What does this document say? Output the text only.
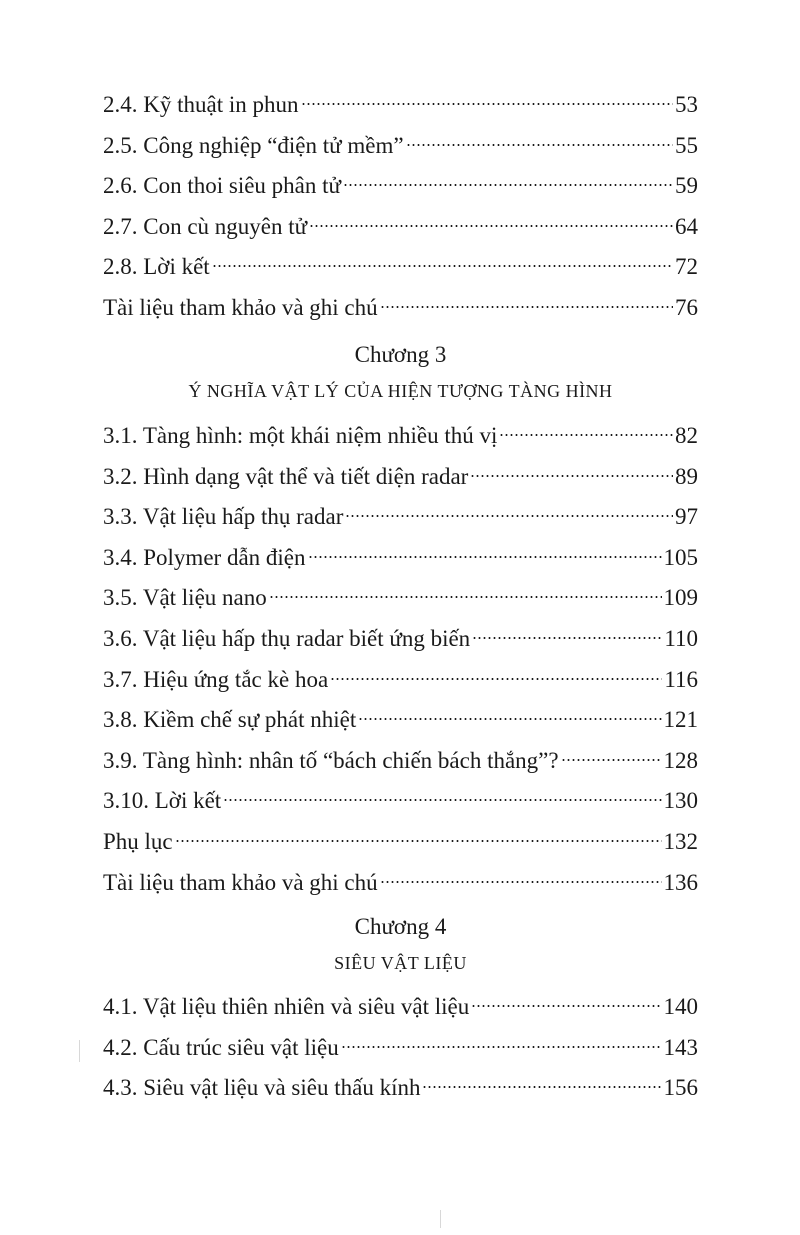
2.4. Kỹ thuật in phun	53
2.5. Công nghiệp “điện tử mềm”	55
2.6. Con thoi siêu phân tử	59
2.7. Con cù nguyên tử	64
2.8. Lời kết	72
Tài liệu tham khảo và ghi chú	76

Chương 3

Ý NGHĨA VẬT LÝ CỦA HIỆN TƯỢNG TÀNG HÌNH

3.1. Tàng hình: một khái niệm nhiều thú vị	82
3.2. Hình dạng vật thể và tiết diện radar	89
3.3. Vật liệu hấp thụ radar	97
3.4. Polymer dẫn điện	105
3.5. Vật liệu nano	109
3.6. Vật liệu hấp thụ radar biết ứng biến	110
3.7. Hiệu ứng tắc kè hoa	116
3.8. Kiềm chế sự phát nhiệt	121
3.9. Tàng hình: nhân tố “bách chiến bách thắng”?	128
3.10. Lời kết	130
Phụ lục	132
Tài liệu tham khảo và ghi chú	136

Chương 4

SIÊU VẬT LIỆU

4.1. Vật liệu thiên nhiên và siêu vật liệu	140
4.2. Cấu trúc siêu vật liệu	143
4.3. Siêu vật liệu và siêu thấu kính	156
